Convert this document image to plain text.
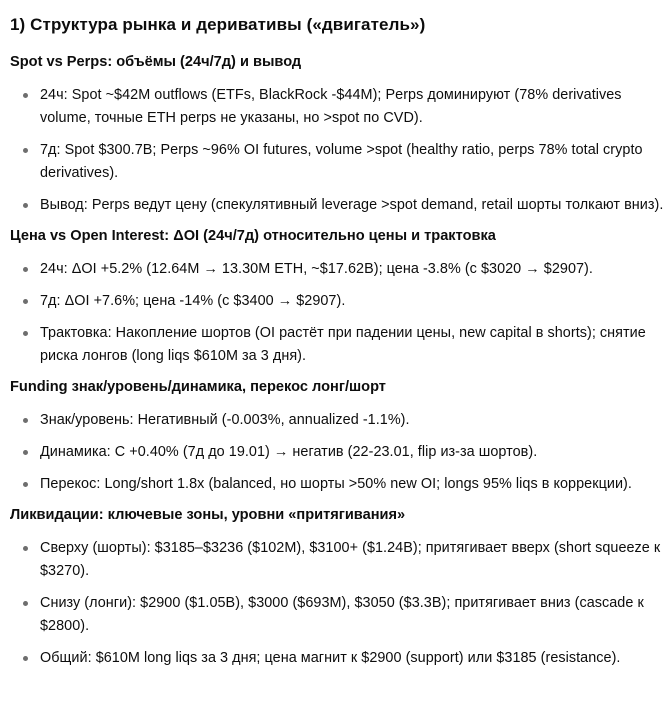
1) Структура рынка и деривативы («двигатель»)
Spot vs Perps: объёмы (24ч/7д) и вывод
24ч: Spot ~$42M outflows (ETFs, BlackRock -$44M); Perps доминируют (78% derivatives volume, точные ETH perps не указаны, но >spot по CVD).
7д: Spot $300.7B; Perps ~96% OI futures, volume >spot (healthy ratio, perps 78% total crypto derivatives).
Вывод: Perps ведут цену (спекулятивный leverage >spot demand, retail шорты толкают вниз).
Цена vs Open Interest: ΔOI (24ч/7д) относительно цены и трактовка
24ч: ΔOI +5.2% (12.64M → 13.30M ETH, ~$17.62B); цена -3.8% (с $3020 → $2907).
7д: ΔOI +7.6%; цена -14% (с $3400 → $2907).
Трактовка: Накопление шортов (OI растёт при падении цены, new capital в shorts); снятие риска лонгов (long liqs $610M за 3 дня).
Funding знак/уровень/динамика, перекос лонг/шорт
Знак/уровень: Негативный (-0.003%, annualized -1.1%).
Динамика: С +0.40% (7д до 19.01) → негатив (22-23.01, flip из-за шортов).
Перекос: Long/short 1.8x (balanced, но шорты >50% new OI; longs 95% liqs в коррекции).
Ликвидации: ключевые зоны, уровни «притягивания»
Сверху (шорты): $3185–$3236 ($102M), $3100+ ($1.24B); притягивает вверх (short squeeze к $3270).
Снизу (лонги): $2900 ($1.05B), $3000 ($693M), $3050 ($3.3B); притягивает вниз (cascade к $2800).
Общий: $610M long liqs за 3 дня; цена магнит к $2900 (support) или $3185 (resistance).
